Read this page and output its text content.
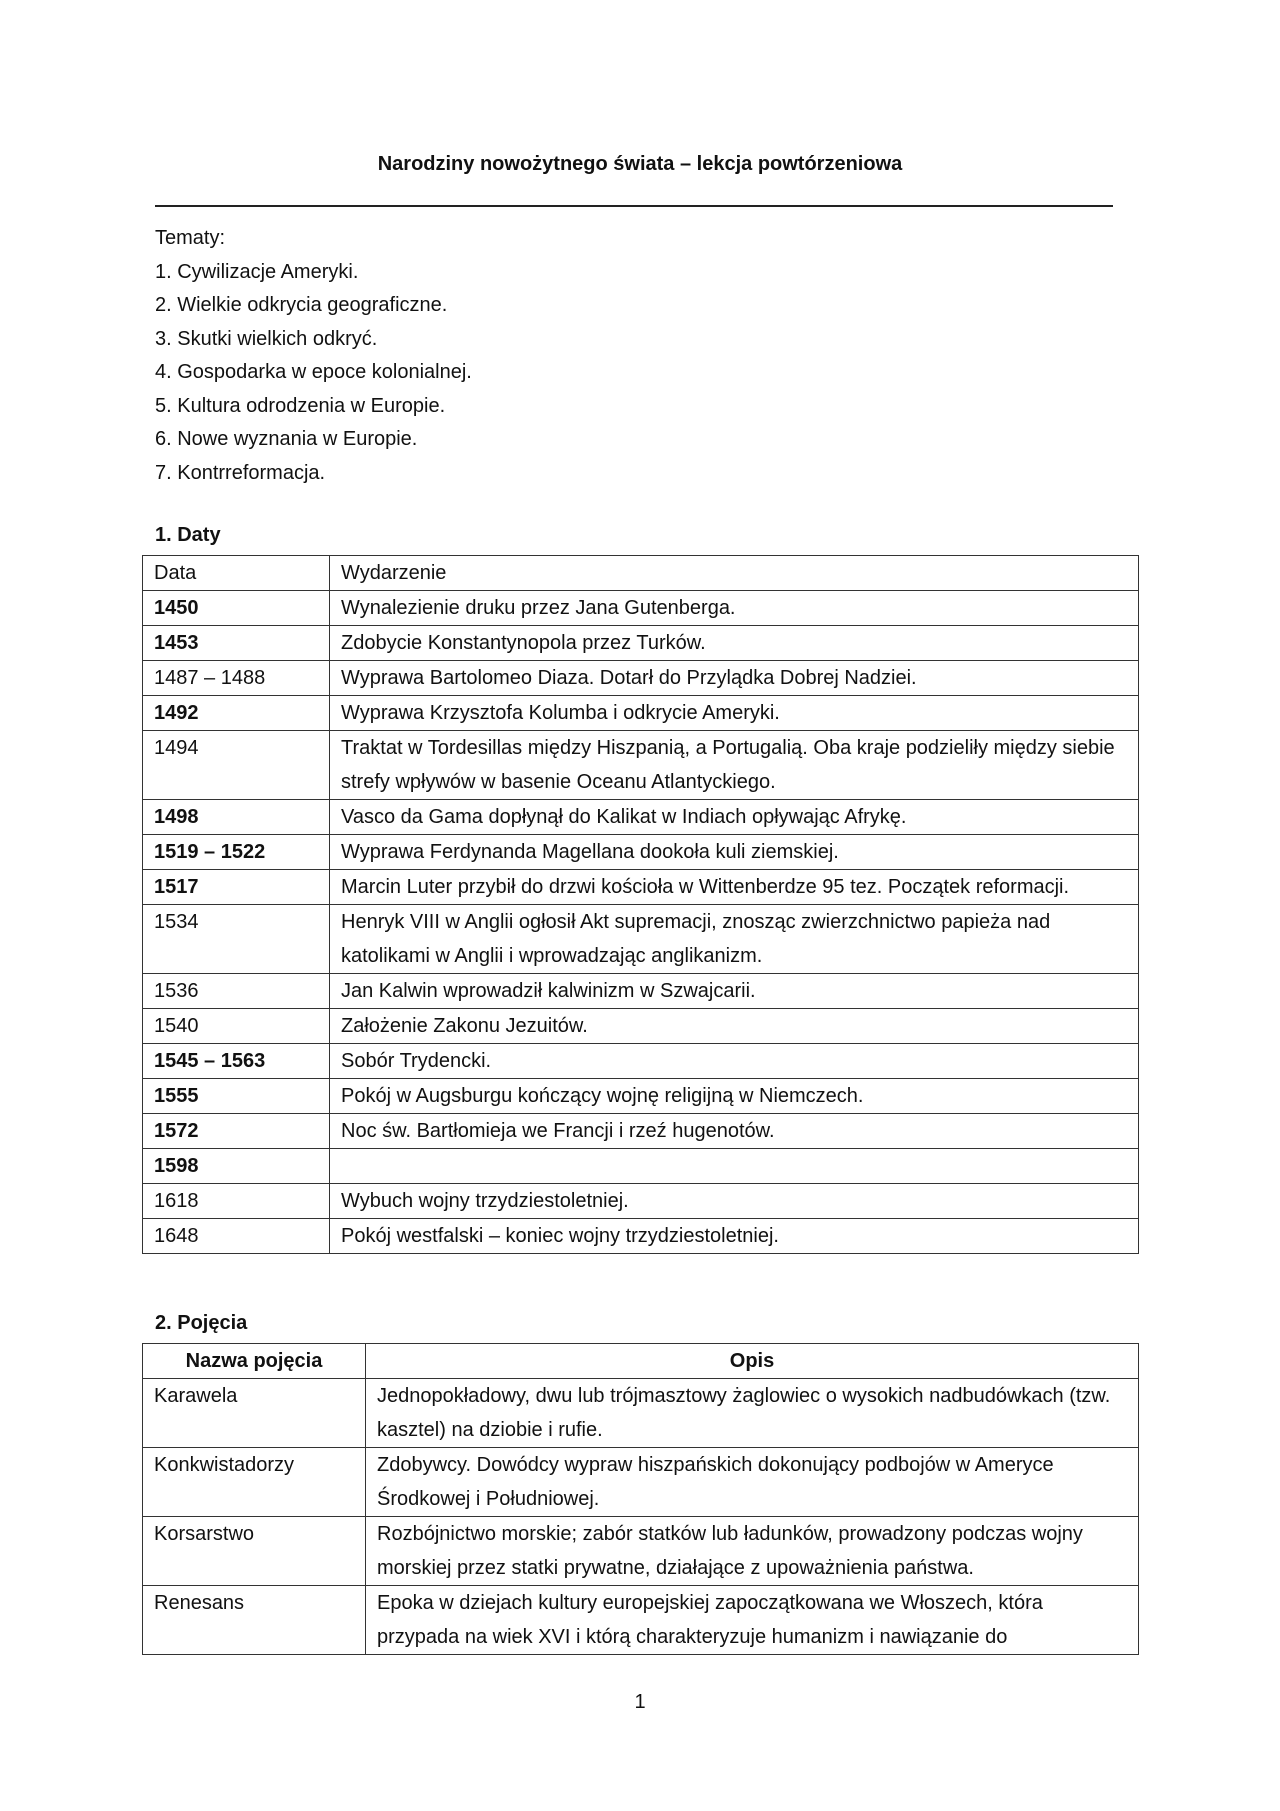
Narodziny nowożytnego świata – lekcja powtórzeniowa
Tematy:
1. Cywilizacje Ameryki.
2. Wielkie odkrycia geograficzne.
3. Skutki wielkich odkryć.
4. Gospodarka w epoce kolonialnej.
5. Kultura odrodzenia w Europie.
6. Nowe wyznania w Europie.
7. Kontrreformacja.
1. Daty
Data	Wydarzenie
1450	Wynalezienie druku przez Jana Gutenberga.
1453	Zdobycie Konstantynopola przez Turków.
1487 – 1488	Wyprawa Bartolomeo Diaza. Dotarł do Przylądka Dobrej Nadziei.
1492	Wyprawa Krzysztofa Kolumba i odkrycie Ameryki.
1494	Traktat w Tordesillas między Hiszpanią, a Portugalią. Oba kraje podzieliły między siebie strefy wpływów w basenie Oceanu Atlantyckiego.
1498	Vasco da Gama dopłynął do Kalikat w Indiach opływając Afrykę.
1519 – 1522	Wyprawa Ferdynanda Magellana dookoła kuli ziemskiej.
1517	Marcin Luter przybił do drzwi kościoła w Wittenberdze 95 tez. Początek reformacji.
1534	Henryk VIII w Anglii ogłosił Akt supremacji, znosząc zwierzchnictwo papieża nad katolikami w Anglii i wprowadzając anglikanizm.
1536	Jan Kalwin wprowadził kalwinizm w Szwajcarii.
1540	Założenie Zakonu Jezuitów.
1545 – 1563	Sobór Trydencki.
1555	Pokój w Augsburgu kończący wojnę religijną w Niemczech.
1572	Noc św. Bartłomieja we Francji i rzeź hugenotów.
1598	
1618	Wybuch wojny trzydziestoletniej.
1648	Pokój westfalski – koniec wojny trzydziestoletniej.
2. Pojęcia
Nazwa pojęcia	Opis
Karawela	Jednopokładowy, dwu lub trójmasztowy żaglowiec o wysokich nadbudówkach (tzw. kasztel) na dziobie i rufie.
Konkwistadorzy	Zdobywcy. Dowódcy wypraw hiszpańskich dokonujący podbojów w Ameryce Środkowej i Południowej.
Korsarstwo	Rozbójnictwo morskie; zabór statków lub ładunków, prowadzony podczas wojny morskiej przez statki prywatne, działające z upoważnienia państwa.
Renesans	Epoka w dziejach kultury europejskiej zapoczątkowana we Włoszech, która przypada na wiek XVI i którą charakteryzuje humanizm i nawiązanie do
1
